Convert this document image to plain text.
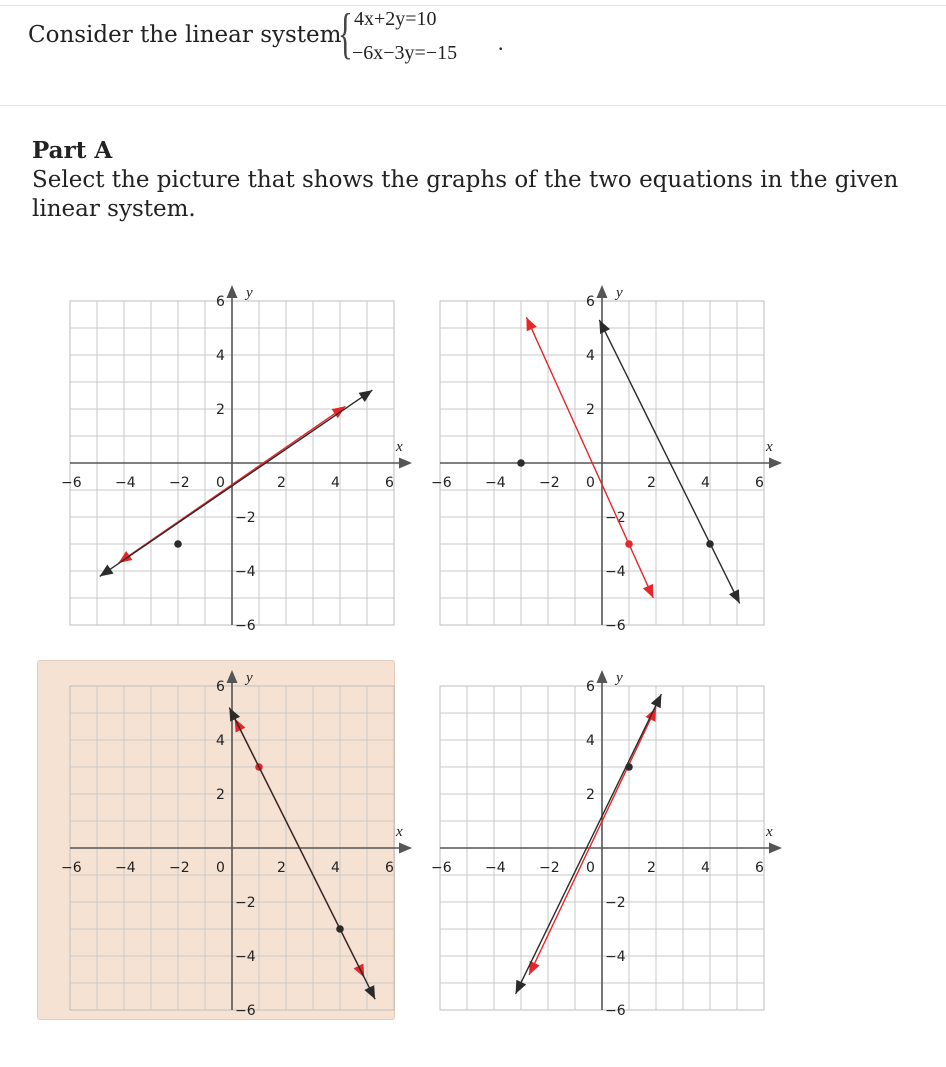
Consider the linear system
{ 4x+2y=10
−6x−3y=−15 .
Part A
Select the picture that shows the graphs of the two equations in the given linear system.
x
y
−6
−6
−4
−4
−2
−2
0	2
2
4
4
6
6
x
y
−6
−6
−4
−4
−2
−2
0	2
2
4
4
6
6
x
y
−6
−6
−4
−4
−2
−2
0	2
2
4
4
6
6
x
y
−6
−6
−4
−4
−2
−2
0	2
2
4
4
6
6
